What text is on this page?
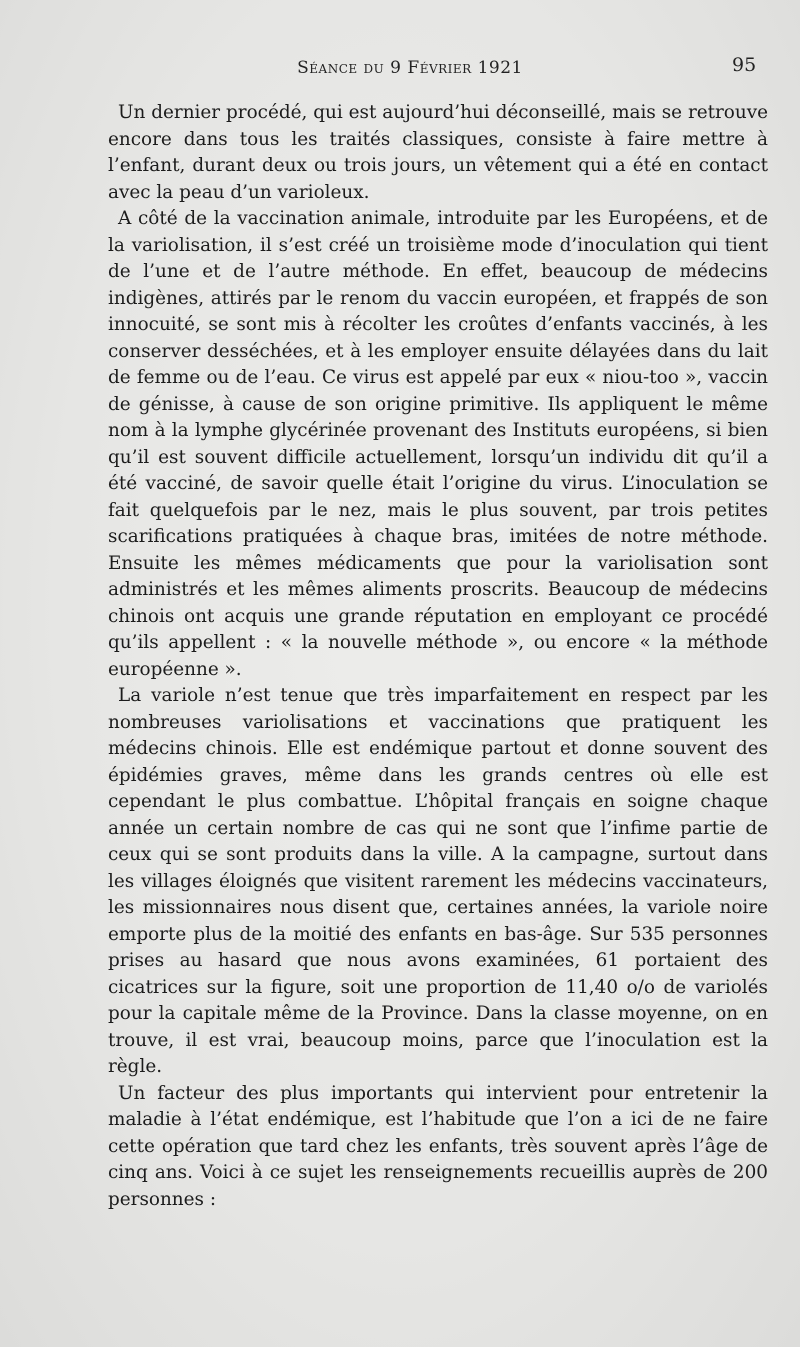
Séance du 9 Février 1921	95

Un dernier procédé, qui est aujourd’hui déconseillé, mais se retrouve encore dans tous les traités classiques, consiste à faire mettre à l’enfant, durant deux ou trois jours, un vêtement qui a été en contact avec la peau d’un varioleux.

A côté de la vaccination animale, introduite par les Européens, et de la variolisation, il s’est créé un troisième mode d’inoculation qui tient de l’une et de l’autre méthode. En effet, beaucoup de médecins indigènes, attirés par le renom du vaccin européen, et frappés de son innocuité, se sont mis à récolter les croûtes d’enfants vaccinés, à les conserver desséchées, et à les employer ensuite délayées dans du lait de femme ou de l’eau. Ce virus est appelé par eux « niou-too », vaccin de génisse, à cause de son origine primitive. Ils appliquent le même nom à la lymphe glycérinée provenant des Instituts européens, si bien qu’il est souvent difficile actuellement, lorsqu’un individu dit qu’il a été vacciné, de savoir quelle était l’origine du virus. L’inoculation se fait quelquefois par le nez, mais le plus souvent, par trois petites scarifications pratiquées à chaque bras, imitées de notre méthode. Ensuite les mêmes médicaments que pour la variolisation sont administrés et les mêmes aliments proscrits. Beaucoup de médecins chinois ont acquis une grande réputation en employant ce procédé qu’ils appellent : « la nouvelle méthode », ou encore « la méthode européenne ».

La variole n’est tenue que très imparfaitement en respect par les nombreuses variolisations et vaccinations que pratiquent les médecins chinois. Elle est endémique partout et donne souvent des épidémies graves, même dans les grands centres où elle est cependant le plus combattue. L’hôpital français en soigne chaque année un certain nombre de cas qui ne sont que l’infime partie de ceux qui se sont produits dans la ville. A la campagne, surtout dans les villages éloignés que visitent rarement les médecins vaccinateurs, les missionnaires nous disent que, certaines années, la variole noire emporte plus de la moitié des enfants en bas-âge. Sur 535 personnes prises au hasard que nous avons examinées, 61 portaient des cicatrices sur la figure, soit une proportion de 11,40 o/o de variolés pour la capitale même de la Province. Dans la classe moyenne, on en trouve, il est vrai, beaucoup moins, parce que l’inoculation est la règle.

Un facteur des plus importants qui intervient pour entretenir la maladie à l’état endémique, est l’habitude que l’on a ici de ne faire cette opération que tard chez les enfants, très souvent après l’âge de cinq ans. Voici à ce sujet les renseignements recueillis auprès de 200 personnes :
